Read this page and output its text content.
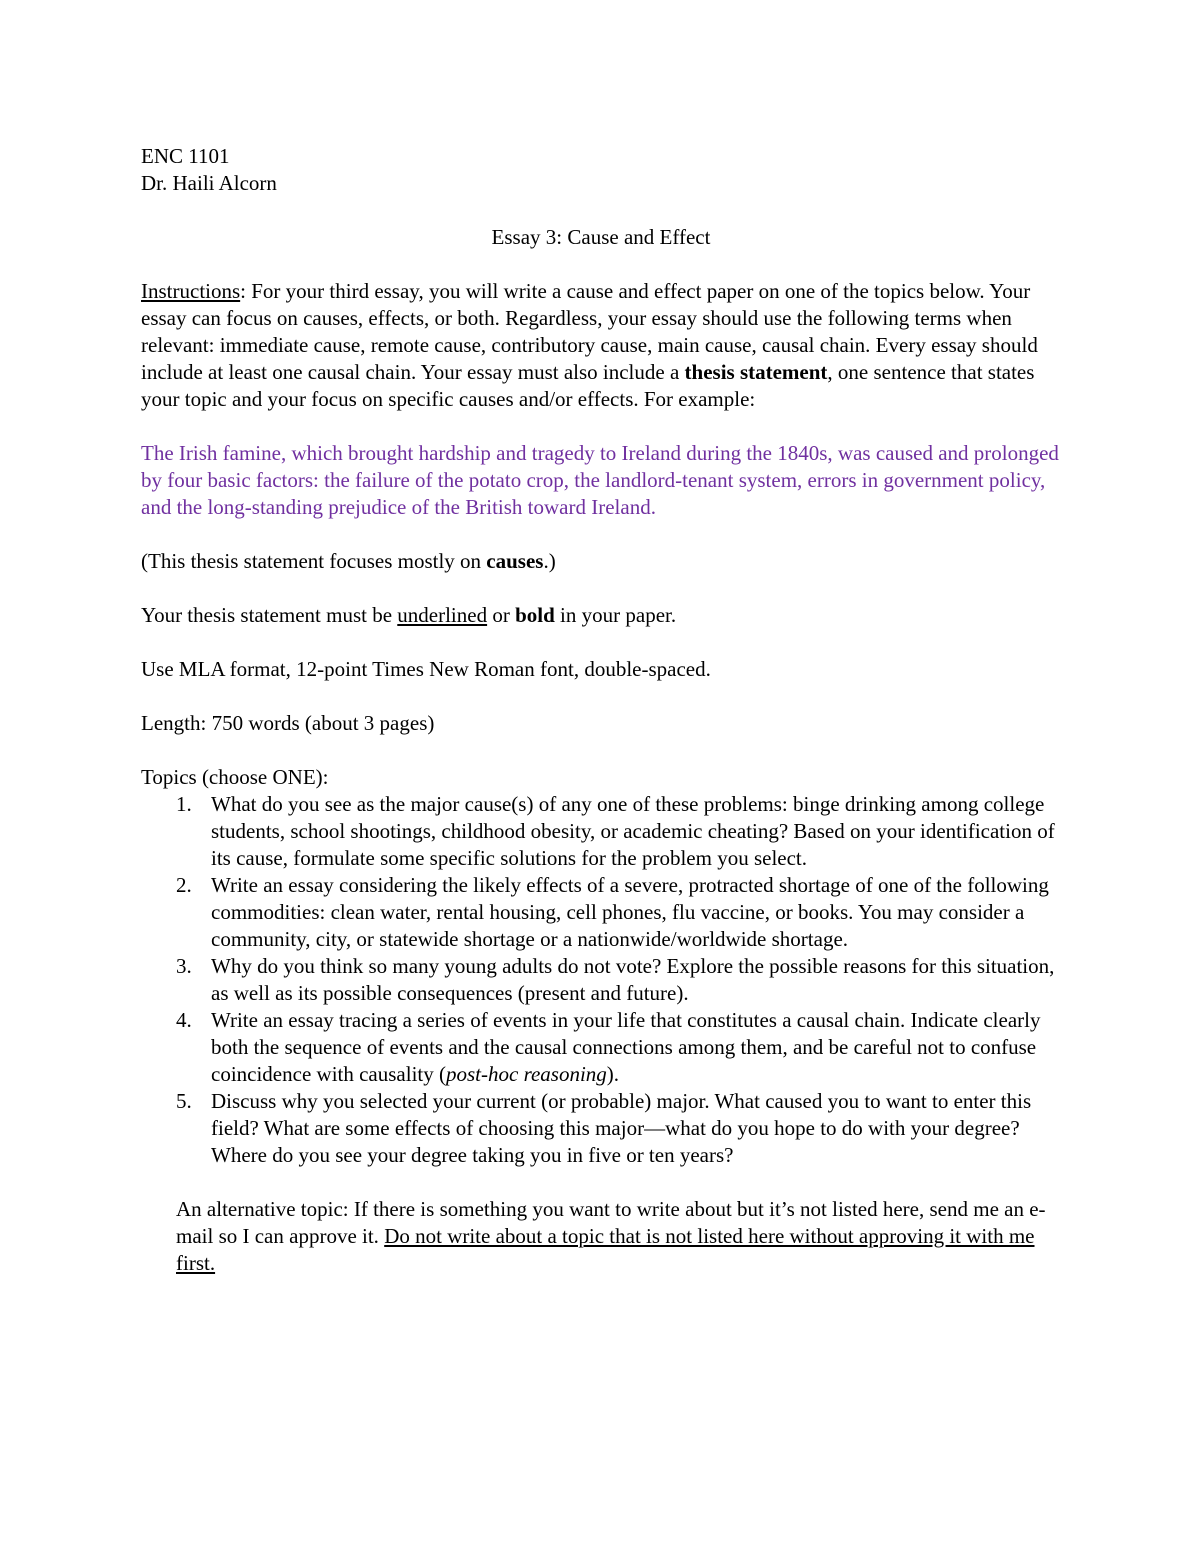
ENC 1101

Dr. Haili Alcorn

Essay 3: Cause and Effect

Instructions: For your third essay, you will write a cause and effect paper on one of the topics below. Your essay can focus on causes, effects, or both. Regardless, your essay should use the following terms when relevant: immediate cause, remote cause, contributory cause, main cause, causal chain. Every essay should include at least one causal chain. Your essay must also include a thesis statement, one sentence that states your topic and your focus on specific causes and/or effects. For example:

The Irish famine, which brought hardship and tragedy to Ireland during the 1840s, was caused and prolonged by four basic factors: the failure of the potato crop, the landlord-tenant system, errors in government policy, and the long-standing prejudice of the British toward Ireland.

(This thesis statement focuses mostly on causes.)

Your thesis statement must be underlined or bold in your paper.

Use MLA format, 12-point Times New Roman font, double-spaced.

Length: 750 words (about 3 pages)

Topics (choose ONE):

1. What do you see as the major cause(s) of any one of these problems: binge drinking among college students, school shootings, childhood obesity, or academic cheating? Based on your identification of its cause, formulate some specific solutions for the problem you select.
2. Write an essay considering the likely effects of a severe, protracted shortage of one of the following commodities: clean water, rental housing, cell phones, flu vaccine, or books. You may consider a community, city, or statewide shortage or a nationwide/worldwide shortage.
3. Why do you think so many young adults do not vote? Explore the possible reasons for this situation, as well as its possible consequences (present and future).
4. Write an essay tracing a series of events in your life that constitutes a causal chain. Indicate clearly both the sequence of events and the causal connections among them, and be careful not to confuse coincidence with causality (post-hoc reasoning).
5. Discuss why you selected your current (or probable) major. What caused you to want to enter this field? What are some effects of choosing this major—what do you hope to do with your degree? Where do you see your degree taking you in five or ten years?

An alternative topic: If there is something you want to write about but it’s not listed here, send me an e-mail so I can approve it. Do not write about a topic that is not listed here without approving it with me first.
